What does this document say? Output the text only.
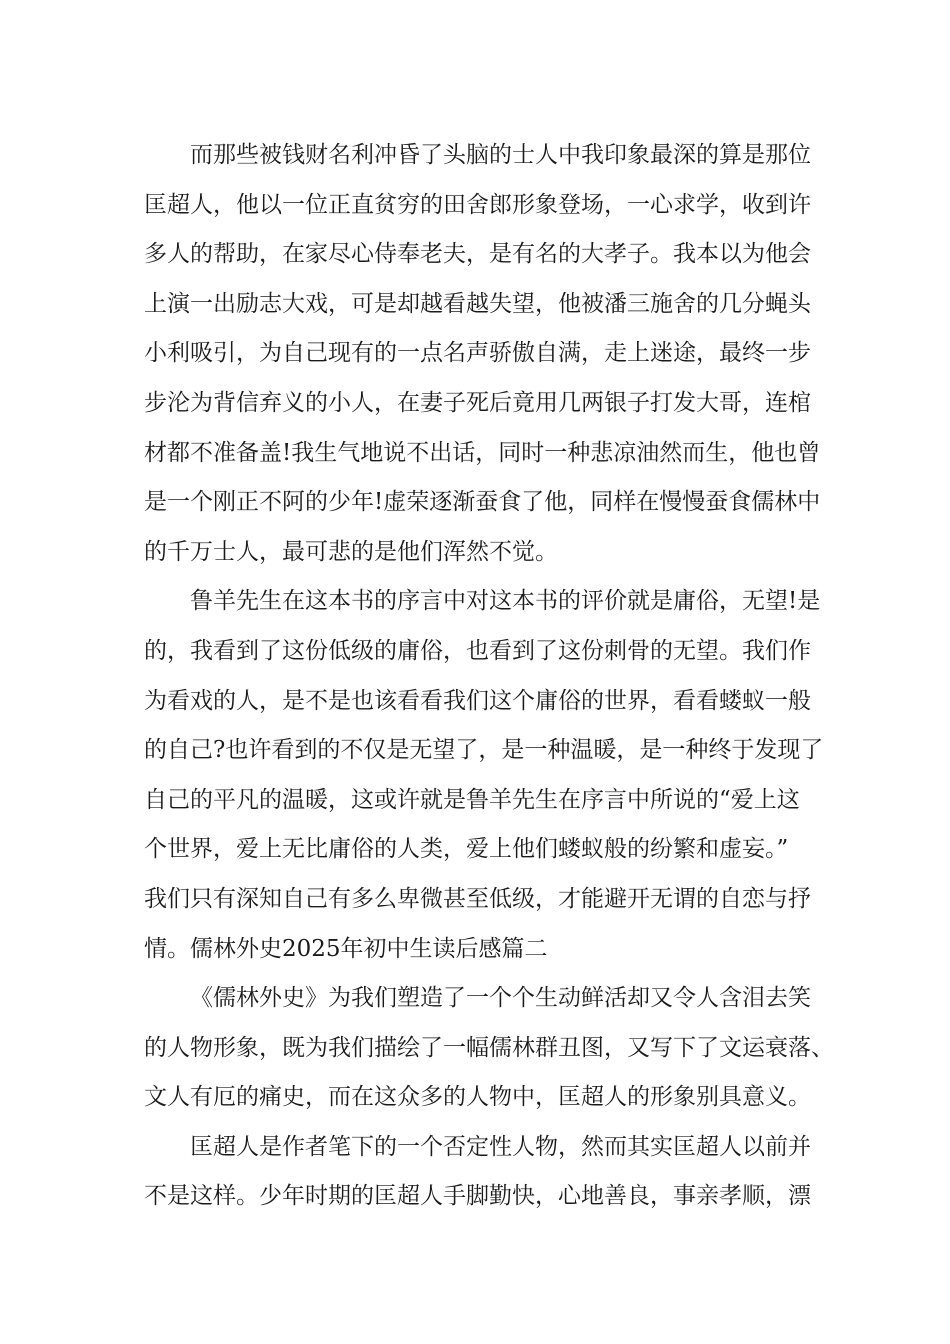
而那些被钱财名利冲昏了头脑的士人中我印象最深的算是那位
匡超人，他以一位正直贫穷的田舍郎形象登场，一心求学，收到许
多人的帮助，在家尽心侍奉老夫，是有名的大孝子。我本以为他会
上演一出励志大戏，可是却越看越失望，他被潘三施舍的几分蝇头
小利吸引，为自己现有的一点名声骄傲自满，走上迷途，最终一步
步沦为背信弃义的小人，在妻子死后竟用几两银子打发大哥，连棺
材都不准备盖!我生气地说不出话，同时一种悲凉油然而生，他也曾
是一个刚正不阿的少年!虚荣逐渐蚕食了他，同样在慢慢蚕食儒林中
的千万士人，最可悲的是他们浑然不觉。
鲁羊先生在这本书的序言中对这本书的评价就是庸俗，无望!是
的，我看到了这份低级的庸俗，也看到了这份刺骨的无望。我们作
为看戏的人，是不是也该看看我们这个庸俗的世界，看看蝼蚁一般
的自己?也许看到的不仅是无望了，是一种温暖，是一种终于发现了
自己的平凡的温暖，这或许就是鲁羊先生在序言中所说的“爱上这
个世界，爱上无比庸俗的人类，爱上他们蝼蚁般的纷繁和虚妄。”
我们只有深知自己有多么卑微甚至低级，才能避开无谓的自恋与抒
情。儒林外史2025年初中生读后感篇二
《儒林外史》为我们塑造了一个个生动鲜活却又令人含泪去笑
的人物形象，既为我们描绘了一幅儒林群丑图，又写下了文运衰落、
文人有厄的痛史，而在这众多的人物中，匡超人的形象别具意义。
匡超人是作者笔下的一个否定性人物，然而其实匡超人以前并
不是这样。少年时期的匡超人手脚勤快，心地善良，事亲孝顺，漂
